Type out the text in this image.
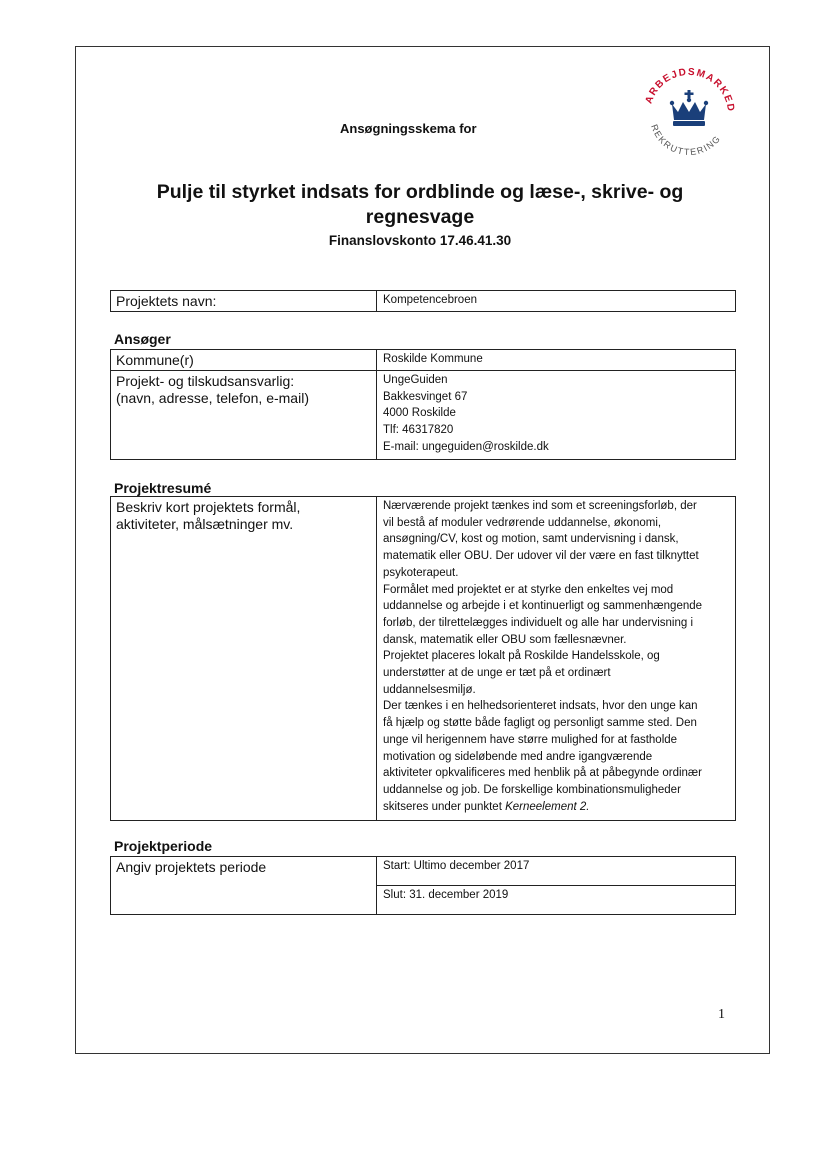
ARBEJDSMARKED
REKRUTTERING
Ansøgningsskema for
Pulje til styrket indsats for ordblinde og læse-, skrive- og regnesvage
Finanslovskonto 17.46.41.30
Projektets navn:	Kompetencebroen
Ansøger
Kommune(r)	Roskilde Kommune

Projekt- og tilskudsansvarlig:
(navn, adresse, telefon, e-mail)	UngeGuiden
Bakkesvinget 67
4000 Roskilde
Tlf: 46317820
E-mail: ungeguiden@roskilde.dk
Projektresumé
Beskriv kort projektets formål,
aktiviteter, målsætninger mv.

Nærværende projekt tænkes ind som et screeningsforløb, der
vil bestå af moduler vedrørende uddannelse, økonomi,
ansøgning/CV, kost og motion, samt undervisning i dansk,
matematik eller OBU. Der udover vil der være en fast tilknyttet
psykoterapeut.
Formålet med projektet er at styrke den enkeltes vej mod
uddannelse og arbejde i et kontinuerligt og sammenhængende
forløb, der tilrettelægges individuelt og alle har undervisning i
dansk, matematik eller OBU som fællesnævner.
Projektet placeres lokalt på Roskilde Handelsskole, og
understøtter at de unge er tæt på et ordinært
uddannelsesmiljø.
Der tænkes i en helhedsorienteret indsats, hvor den unge kan
få hjælp og støtte både fagligt og personligt samme sted. Den
unge vil herigennem have større mulighed for at fastholde
motivation og sideløbende med andre igangværende
aktiviteter opkvalificeres med henblik på at påbegynde ordinær
uddannelse og job. De forskellige kombinationsmuligheder
skitseres under punktet Kerneelement 2.
Projektperiode
Angiv projektets periode	Start: Ultimo december 2017
Slut: 31. december 2019
1
